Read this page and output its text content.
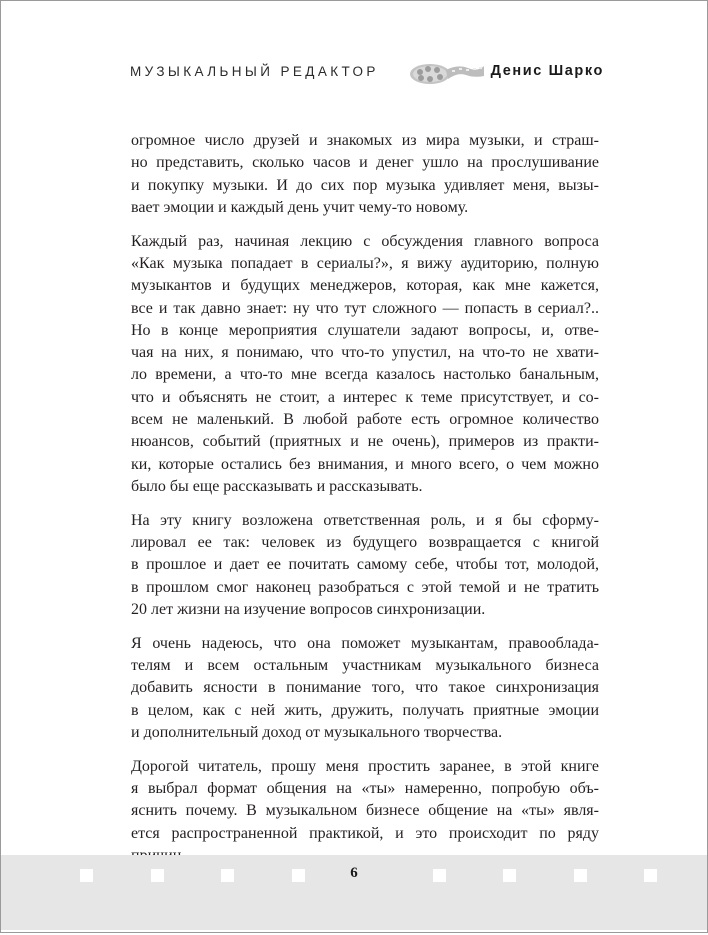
МУЗЫКАЛЬНЫЙ РЕДАКТОР	Денис Шарко

огромное число друзей и знакомых из мира музыки, и страш-
но представить, сколько часов и денег ушло на прослушивание
и покупку музыки. И до сих пор музыка удивляет меня, вызы-
вает эмоции и каждый день учит чему-то новому.

Каждый раз, начиная лекцию с обсуждения главного вопроса
«Как музыка попадает в сериалы?», я вижу аудиторию, полную
музыкантов и будущих менеджеров, которая, как мне кажется,
все и так давно знает: ну что тут сложного — попасть в сериал?..
Но в конце мероприятия слушатели задают вопросы, и, отве-
чая на них, я понимаю, что что-то упустил, на что-то не хвати-
ло времени, а что-то мне всегда казалось настолько банальным,
что и объяснять не стоит, а интерес к теме присутствует, и со-
всем не маленький. В любой работе есть огромное количество
нюансов, событий (приятных и не очень), примеров из практи-
ки, которые остались без внимания, и много всего, о чем можно
было бы еще рассказывать и рассказывать.

На эту книгу возложена ответственная роль, и я бы сформу-
лировал ее так: человек из будущего возвращается с книгой
в прошлое и дает ее почитать самому себе, чтобы тот, молодой,
в прошлом смог наконец разобраться с этой темой и не тратить
20 лет жизни на изучение вопросов синхронизации.

Я очень надеюсь, что она поможет музыкантам, правооблада-
телям и всем остальным участникам музыкального бизнеса
добавить ясности в понимание того, что такое синхронизация
в целом, как с ней жить, дружить, получать приятные эмоции
и дополнительный доход от музыкального творчества.

Дорогой читатель, прошу меня простить заранее, в этой книге
я выбрал формат общения на «ты» намеренно, попробую объ-
яснить почему. В музыкальном бизнесе общение на «ты» явля-
ется распространенной практикой, и это происходит по ряду

6
